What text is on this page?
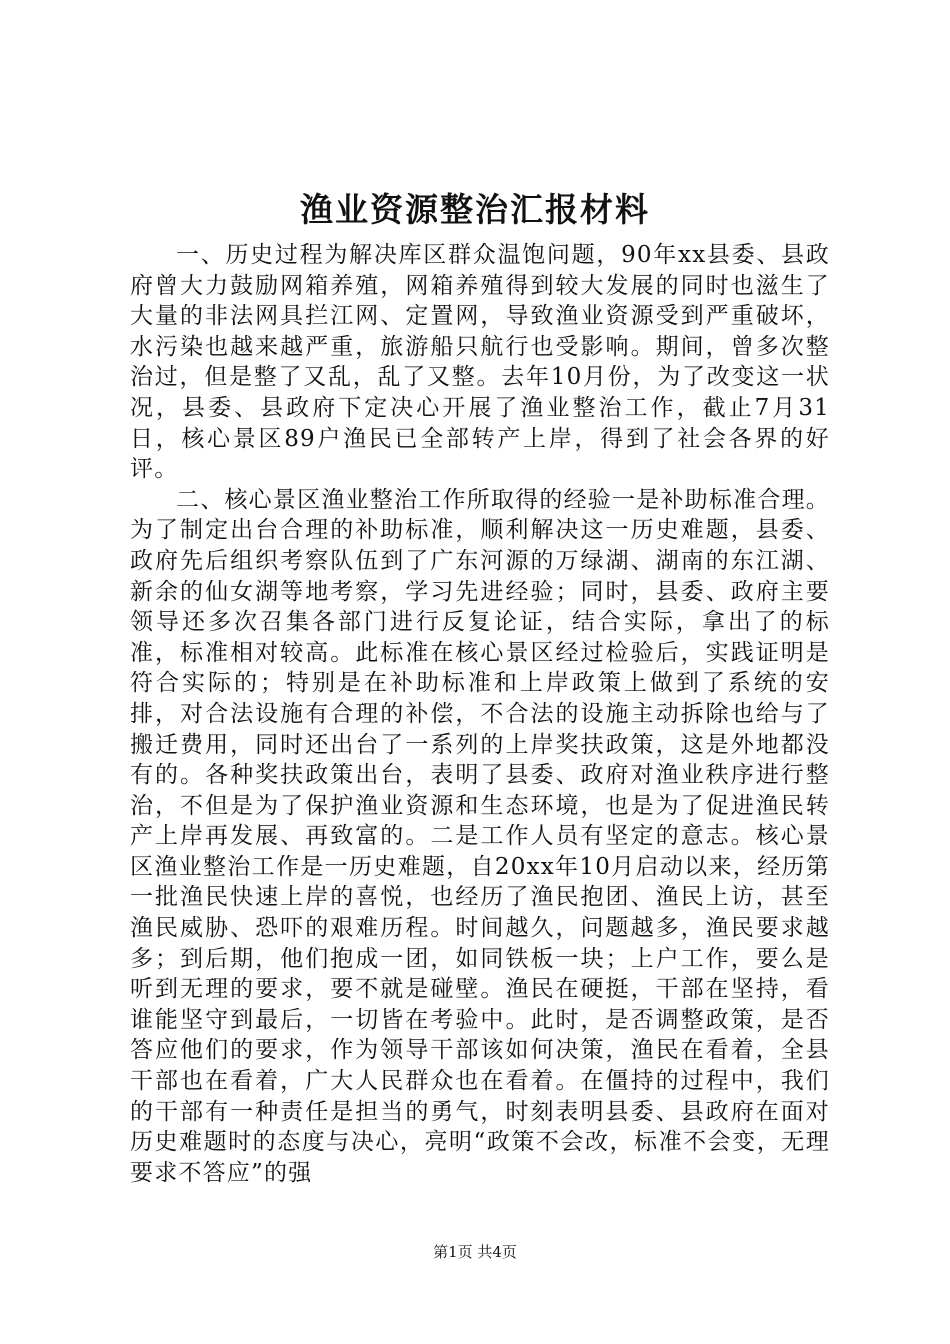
渔业资源整治汇报材料

一、历史过程为解决库区群众温饱问题，90年xx县委、县政府曾大力鼓励网箱养殖，网箱养殖得到较大发展的同时也滋生了大量的非法网具拦江网、定置网，导致渔业资源受到严重破坏，水污染也越来越严重，旅游船只航行也受影响。期间，曾多次整治过，但是整了又乱，乱了又整。去年10月份，为了改变这一状况，县委、县政府下定决心开展了渔业整治工作，截止7月31日，核心景区89户渔民已全部转产上岸，得到了社会各界的好评。

二、核心景区渔业整治工作所取得的经验一是补助标准合理。为了制定出台合理的补助标准，顺利解决这一历史难题，县委、政府先后组织考察队伍到了广东河源的万绿湖、湖南的东江湖、新余的仙女湖等地考察，学习先进经验；同时，县委、政府主要领导还多次召集各部门进行反复论证，结合实际，拿出了的标准，标准相对较高。此标准在核心景区经过检验后，实践证明是符合实际的；特别是在补助标准和上岸政策上做到了系统的安排，对合法设施有合理的补偿，不合法的设施主动拆除也给与了搬迁费用，同时还出台了一系列的上岸奖扶政策，这是外地都没有的。各种奖扶政策出台，表明了县委、政府对渔业秩序进行整治，不但是为了保护渔业资源和生态环境，也是为了促进渔民转产上岸再发展、再致富的。二是工作人员有坚定的意志。核心景区渔业整治工作是一历史难题，自20xx年10月启动以来，经历第一批渔民快速上岸的喜悦，也经历了渔民抱团、渔民上访，甚至渔民威胁、恐吓的艰难历程。时间越久，问题越多，渔民要求越多；到后期，他们抱成一团，如同铁板一块；上户工作，要么是听到无理的要求，要不就是碰壁。渔民在硬挺，干部在坚持，看谁能坚守到最后，一切皆在考验中。此时，是否调整政策，是否答应他们的要求，作为领导干部该如何决策，渔民在看着，全县干部也在看着，广大人民群众也在看着。在僵持的过程中，我们的干部有一种责任是担当的勇气，时刻表明县委、县政府在面对历史难题时的态度与决心，亮明“政策不会改，标准不会变，无理要求不答应”的强

第1页 共4页
